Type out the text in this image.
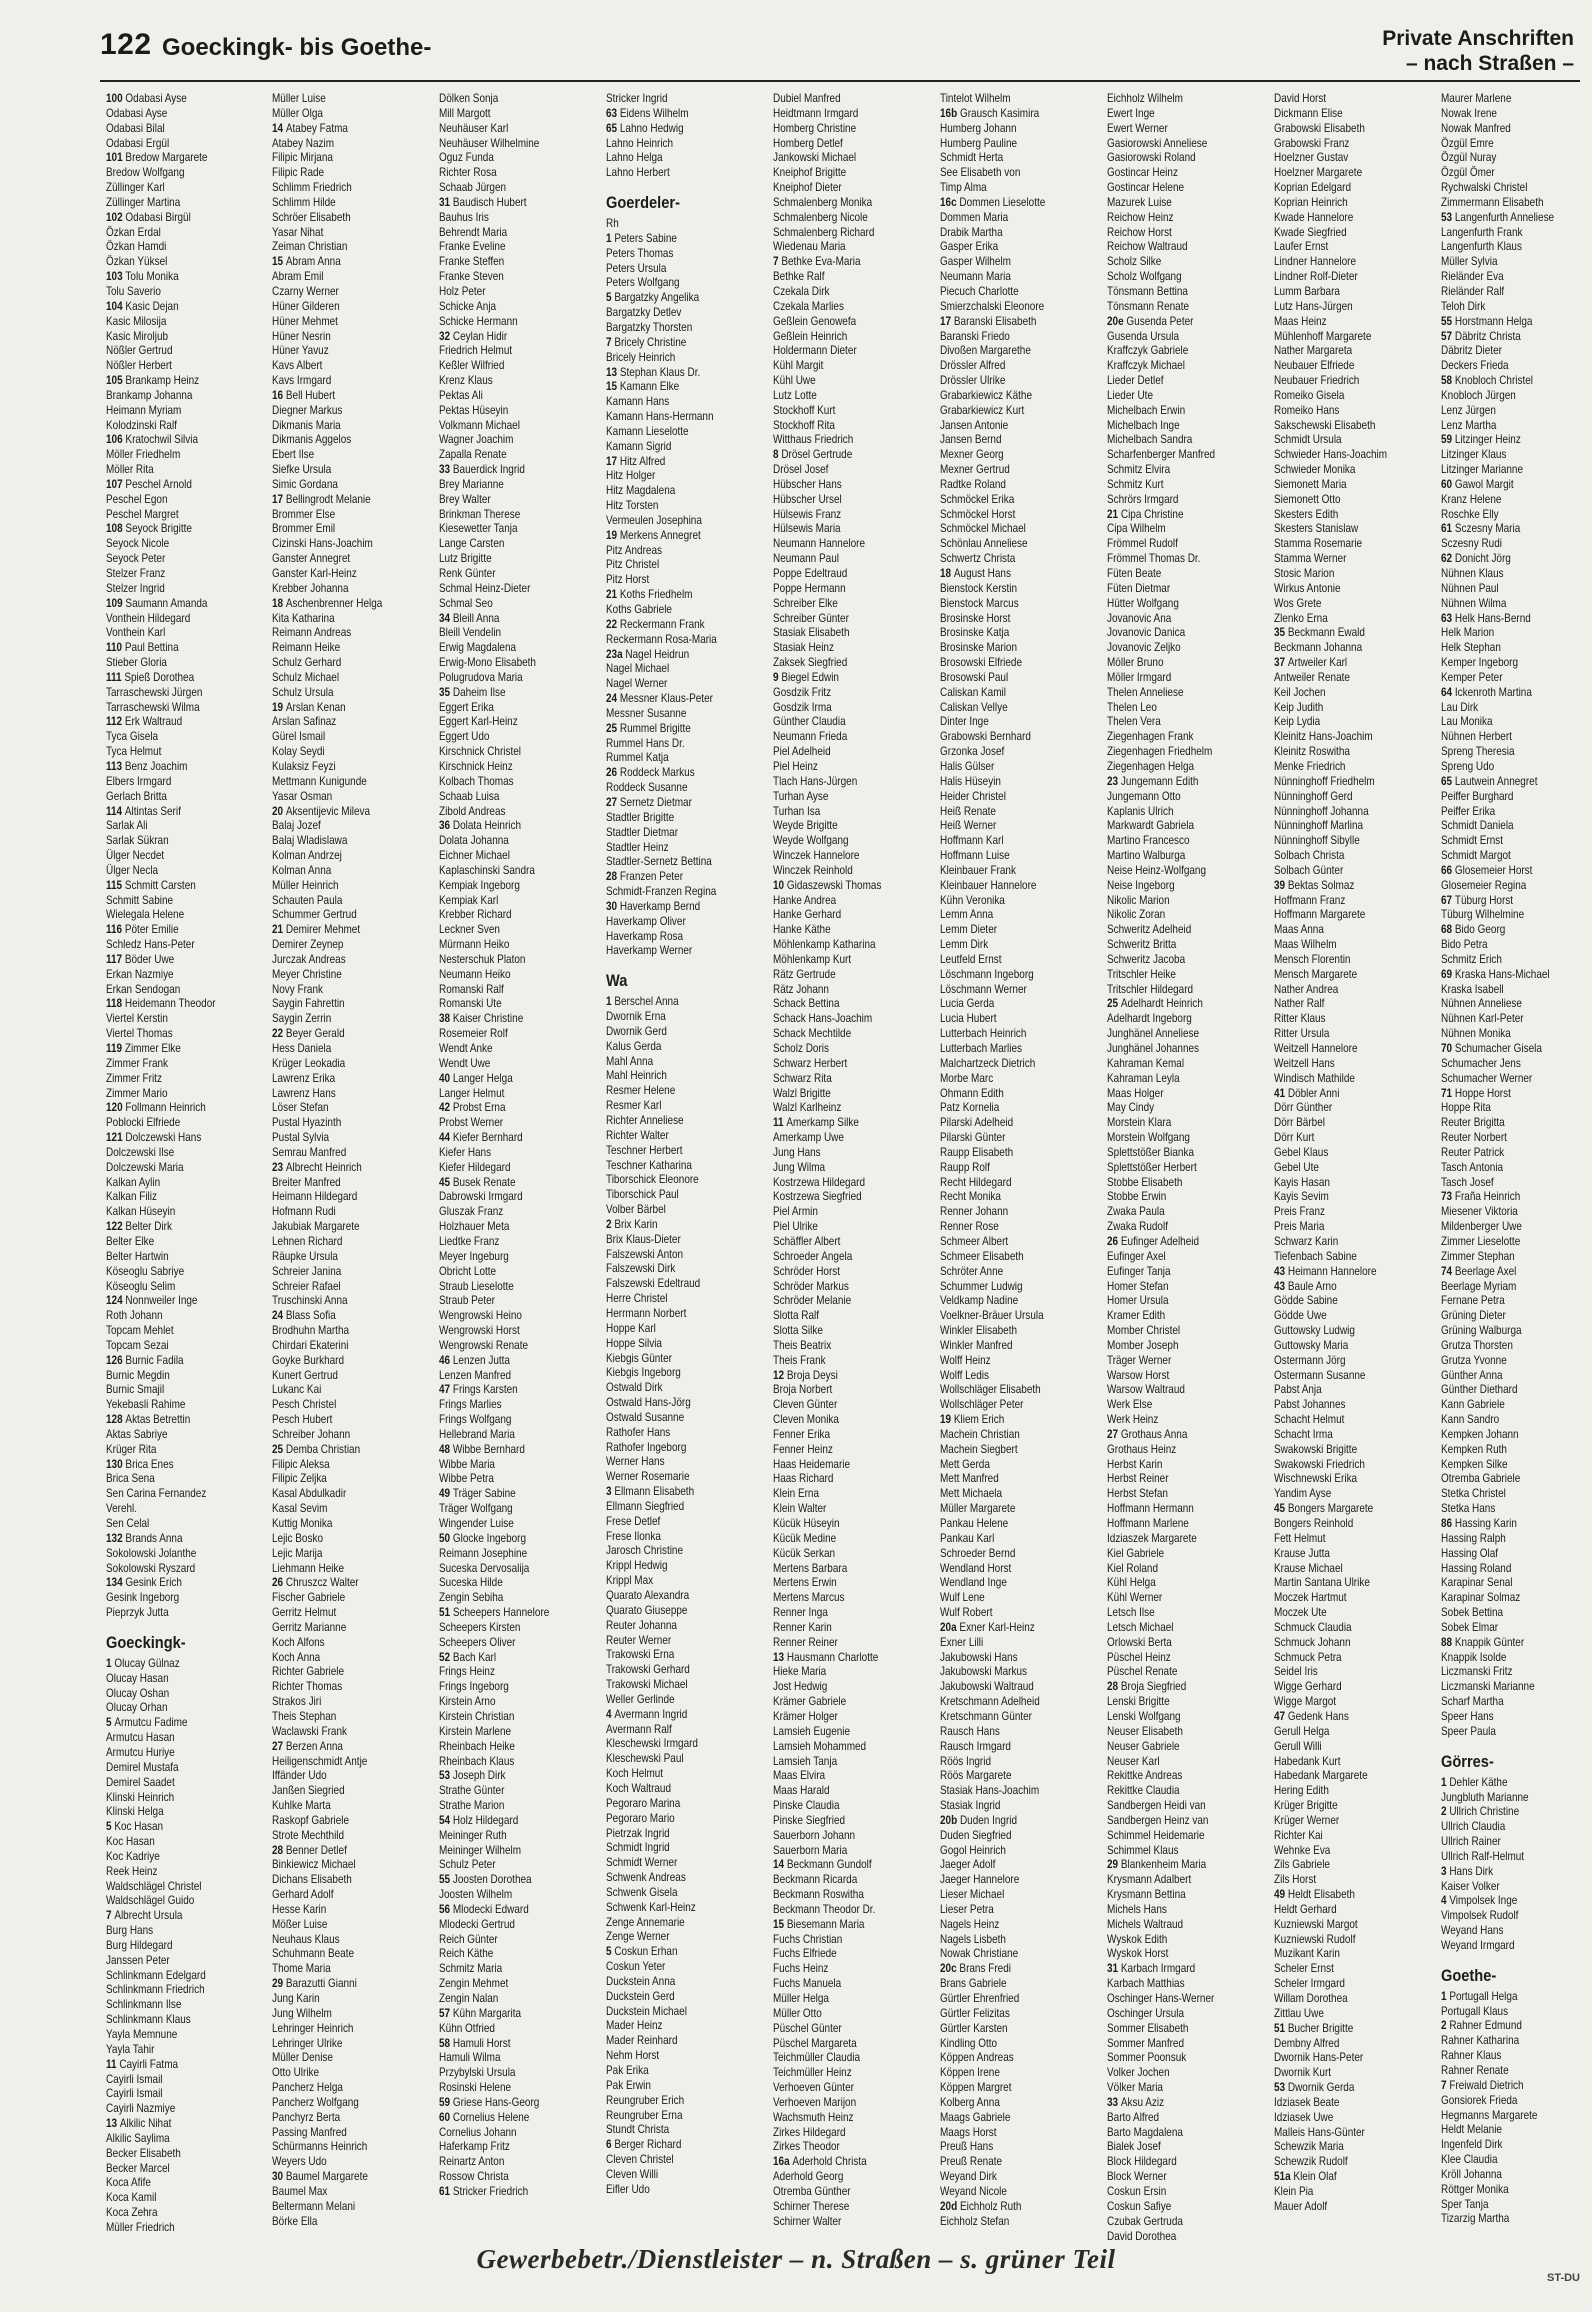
122 Goeckingk- bis Goethe-	Private Anschriften
– nach Straßen –
100 Odabasi Ayse
Odabasi Ayse
Odabasi Bilal
Odabasi Ergül
101 Bredow Margarete
Bredow Wolfgang
Züllinger Karl
Züllinger Martina
102 Odabasi Birgül
Özkan Erdal
Özkan Hamdi
Özkan Yüksel
103 Tolu Monika
Tolu Saverio
104 Kasic Dejan
Kasic Milosija
Kasic Miroljub
Nößler Gertrud
Nößler Herbert
105 Brankamp Heinz
Brankamp Johanna
Heimann Myriam
Kolodzinski Ralf
106 Kratochwil Silvia
Möller Friedhelm
Möller Rita
107 Peschel Arnold
Peschel Egon
Peschel Margret
108 Seyock Brigitte
Seyock Nicole
Seyock Peter
Stelzer Franz
Stelzer Ingrid
109 Saumann Amanda
Vonthein Hildegard
Vonthein Karl
110 Paul Bettina
Stieber Gloria
111 Spieß Dorothea
Tarraschewski Jürgen
Tarraschewski Wilma
112 Erk Waltraud
Tyca Gisela
Tyca Helmut
113 Benz Joachim
Elbers Irmgard
Gerlach Britta
114 Altintas Serif
Sarlak Ali
Sarlak Sükran
Ülger Necdet
Ülger Necla
115 Schmitt Carsten
Schmitt Sabine
Wielegala Helene
116 Pöter Emilie
Schledz Hans-Peter
117 Böder Uwe
Erkan Nazmiye
Erkan Sendogan
118 Heidemann Theodor
Viertel Kerstin
Viertel Thomas
119 Zimmer Elke
Zimmer Frank
Zimmer Fritz
Zimmer Mario
120 Follmann Heinrich
Poblocki Elfriede
121 Dolczewski Hans
Dolczewski Ilse
Dolczewski Maria
Kalkan Aylin
Kalkan Filiz
Kalkan Hüseyin
122 Belter Dirk
Belter Elke
Belter Hartwin
Köseoglu Sabriye
Köseoglu Selim
124 Nonnweiler Inge
Roth Johann
Topcam Mehlet
Topcam Sezai
126 Burnic Fadila
Burnic Megdin
Burnic Smajil
Yekebasli Rahime
128 Aktas Betrettin
Aktas Sabriye
Krüger Rita
130 Brica Enes
Brica Sena
Sen Carina Fernandez
Verehl.
Sen Celal
132 Brands Anna
Sokolowski Jolanthe
Sokolowski Ryszard
134 Gesink Erich
Gesink Ingeborg
Pieprzyk Jutta
Goeckingk-
1 Olucay Gülnaz
Olucay Hasan
Olucay Oshan
Olucay Orhan
5 Armutcu Fadime
Armutcu Hasan
Armutcu Huriye
Demirel Mustafa
Demirel Saadet
Klinski Heinrich
Klinski Helga
5 Koc Hasan
Koc Hasan
Koc Kadriye
Reek Heinz
Waldschlägel Christel
Waldschlägel Guido
7 Albrecht Ursula
Burg Hans
Burg Hildegard
Janssen Peter
Schlinkmann Edelgard
Schlinkmann Friedrich
Schlinkmann Ilse
Schlinkmann Klaus
Yayla Memnune
Yayla Tahir
11 Cayirli Fatma
Cayirli Ismail
Cayirli Ismail
Cayirli Nazmiye
13 Alkilic Nihat
Alkilic Saylima
Becker Elisabeth
Becker Marcel
Koca Afife
Koca Kamil
Koca Zehra
Müller Friedrich
Müller Luise
Müller Olga
14 Atabey Fatma
Atabey Nazim
Filipic Mirjana
Filipic Rade
Schlimm Friedrich
Schlimm Hilde
Schröer Elisabeth
Yasar Nihat
Zeiman Christian
15 Abram Anna
Abram Emil
Czarny Werner
Hüner Gilderen
Hüner Mehmet
Hüner Nesrin
Hüner Yavuz
Kavs Albert
Kavs Irmgard
16 Bell Hubert
Diegner Markus
Dikmanis Maria
Dikmanis Aggelos
Ebert Ilse
Siefke Ursula
Simic Gordana
17 Bellingrodt Melanie
Brommer Else
Brommer Emil
Cizinski Hans-Joachim
Ganster Annegret
Ganster Karl-Heinz
Krebber Johanna
18 Aschenbrenner Helga
Kita Katharina
Reimann Andreas
Reimann Heike
Schulz Gerhard
Schulz Michael
Schulz Ursula
19 Arslan Kenan
Arslan Safinaz
Gürel Ismail
Kolay Seydi
Kulaksiz Feyzi
Mettmann Kunigunde
Yasar Osman
20 Aksentijevic Mileva
Balaj Jozef
Balaj Wladislawa
Kolman Andrzej
Kolman Anna
Müller Heinrich
Schauten Paula
Schummer Gertrud
21 Demirer Mehmet
Demirer Zeynep
Jurczak Andreas
Meyer Christine
Novy Frank
Saygin Fahrettin
Saygin Zerrin
22 Beyer Gerald
Hess Daniela
Krüger Leokadia
Lawrenz Erika
Lawrenz Hans
Löser Stefan
Pustal Hyazinth
Pustal Sylvia
Semrau Manfred
23 Albrecht Heinrich
Breiter Manfred
Heimann Hildegard
Hofmann Rudi
Jakubiak Margarete
Lehnen Richard
Räupke Ursula
Schreier Janina
Schreier Rafael
Truschinski Anna
24 Blass Sofia
Brodhuhn Martha
Chirdari Ekaterini
Goyke Burkhard
Kunert Gertrud
Lukanc Kai
Pesch Christel
Pesch Hubert
Schreiber Johann
25 Demba Christian
Filipic Aleksa
Filipic Zeljka
Kasal Abdulkadir
Kasal Sevim
Kuttig Monika
Lejic Bosko
Lejic Marija
Liehmann Heike
26 Chruszcz Walter
Fischer Gabriele
Gerritz Helmut
Gerritz Marianne
Koch Alfons
Koch Anna
Richter Gabriele
Richter Thomas
Strakos Jiri
Theis Stephan
Waclawski Frank
27 Berzen Anna
Heiligenschmidt Antje
Iffänder Udo
Janßen Siegried
Kuhlke Marta
Raskopf Gabriele
Strote Mechthild
28 Benner Detlef
Binkiewicz Michael
Dichans Elisabeth
Gerhard Adolf
Hesse Karin
Mößer Luise
Neuhaus Klaus
Schuhmann Beate
Thome Maria
29 Barazutti Gianni
Jung Karin
Jung Wilhelm
Lehringer Heinrich
Lehringer Ulrike
Müller Denise
Otto Ulrike
Pancherz Helga
Pancherz Wolfgang
Panchyrz Berta
Passing Manfred
Schürmanns Heinrich
Weyers Udo
30 Baumel Margarete
Baumel Max
Beltermann Melani
Börke Ella
Dölken Sonja
Mill Margott
Neuhäuser Karl
Neuhäuser Wilhelmine
Oguz Funda
Richter Rosa
Schaab Jürgen
31 Baudisch Hubert
Bauhus Iris
Behrendt Maria
Franke Eveline
Franke Steffen
Franke Steven
Holz Peter
Schicke Anja
Schicke Hermann
32 Ceylan Hidir
Friedrich Helmut
Keßler Wilfried
Krenz Klaus
Pektas Ali
Pektas Hüseyin
Volkmann Michael
Wagner Joachim
Zapalla Renate
33 Bauerdick Ingrid
Brey Marianne
Brey Walter
Brinkman Therese
Kiesewetter Tanja
Lange Carsten
Lutz Brigitte
Renk Günter
Schmal Heinz-Dieter
Schmal Seo
34 Bleill Anna
Bleill Vendelin
Erwig Magdalena
Erwig-Mono Elisabeth
Polugrudova Maria
35 Daheim Ilse
Eggert Erika
Eggert Karl-Heinz
Eggert Udo
Kirschnick Christel
Kirschnick Heinz
Kolbach Thomas
Schaab Luisa
Zibold Andreas
36 Dolata Heinrich
Dolata Johanna
Eichner Michael
Kaplaschinski Sandra
Kempiak Ingeborg
Kempiak Karl
Krebber Richard
Leckner Sven
Mürmann Heiko
Nesterschuk Platon
Neumann Heiko
Romanski Ralf
Romanski Ute
38 Kaiser Christine
Rosemeier Rolf
Wendt Anke
Wendt Uwe
40 Langer Helga
Langer Helmut
42 Probst Erna
Probst Werner
44 Kiefer Bernhard
Kiefer Hans
Kiefer Hildegard
45 Busek Renate
Dabrowski Irmgard
Gluszak Franz
Holzhauer Meta
Liedtke Franz
Meyer Ingeburg
Obricht Lotte
Straub Lieselotte
Straub Peter
Wengrowski Heino
Wengrowski Horst
Wengrowski Renate
46 Lenzen Jutta
Lenzen Manfred
47 Frings Karsten
Frings Marlies
Frings Wolfgang
Hellebrand Maria
48 Wibbe Bernhard
Wibbe Maria
Wibbe Petra
49 Träger Sabine
Träger Wolfgang
Wingender Luise
50 Glocke Ingeborg
Reimann Josephine
Suceska Dervosalija
Suceska Hilde
Zengin Sebiha
51 Scheepers Hannelore
Scheepers Kirsten
Scheepers Oliver
52 Bach Karl
Frings Heinz
Frings Ingeborg
Kirstein Arno
Kirstein Christian
Kirstein Marlene
Rheinbach Heike
Rheinbach Klaus
53 Joseph Dirk
Strathe Günter
Strathe Marion
54 Holz Hildegard
Meininger Ruth
Meininger Wilhelm
Schulz Peter
55 Joosten Dorothea
Joosten Wilhelm
56 Mlodecki Edward
Mlodecki Gertrud
Reich Günter
Reich Käthe
Schmitz Maria
Zengin Mehmet
Zengin Nalan
57 Kühn Margarita
Kühn Otfried
58 Hamuli Horst
Hamuli Wilma
Przybylski Ursula
Rosinski Helene
59 Griese Hans-Georg
60 Cornelius Helene
Cornelius Johann
Haferkamp Fritz
Reinartz Anton
Rossow Christa
61 Stricker Friedrich
Stricker Ingrid
63 Eidens Wilhelm
65 Lahno Hedwig
Lahno Heinrich
Lahno Helga
Lahno Herbert
Goerdeler-
Rh
1 Peters Sabine
Peters Thomas
Peters Ursula
Peters Wolfgang
5 Bargatzky Angelika
Bargatzky Detlev
Bargatzky Thorsten
7 Bricely Christine
Bricely Heinrich
13 Stephan Klaus Dr.
15 Kamann Elke
Kamann Hans
Kamann Hans-Hermann
Kamann Lieselotte
Kamann Sigrid
17 Hitz Alfred
Hitz Holger
Hitz Magdalena
Hitz Torsten
Vermeulen Josephina
19 Merkens Annegret
Pitz Andreas
Pitz Christel
Pitz Horst
21 Koths Friedhelm
Koths Gabriele
22 Reckermann Frank
Reckermann Rosa-Maria
23a Nagel Heidrun
Nagel Michael
Nagel Werner
24 Messner Klaus-Peter
Messner Susanne
25 Rummel Brigitte
Rummel Hans Dr.
Rummel Katja
26 Roddeck Markus
Roddeck Susanne
27 Sernetz Dietmar
Stadtler Brigitte
Stadtler Dietmar
Stadtler Heinz
Stadtler-Sernetz Bettina
28 Franzen Peter
Schmidt-Franzen Regina
30 Haverkamp Bernd
Haverkamp Oliver
Haverkamp Rosa
Haverkamp Werner
Wa
1 Berschel Anna
Dwornik Erna
Dwornik Gerd
Kalus Gerda
Mahl Anna
Mahl Heinrich
Resmer Helene
Resmer Karl
Richter Anneliese
Richter Walter
Teschner Herbert
Teschner Katharina
Tiborschick Eleonore
Tiborschick Paul
Volber Bärbel
2 Brix Karin
Brix Klaus-Dieter
Falszewski Anton
Falszewski Dirk
Falszewski Edeltraud
Herre Christel
Herrmann Norbert
Hoppe Karl
Hoppe Silvia
Kiebgis Günter
Kiebgis Ingeborg
Ostwald Dirk
Ostwald Hans-Jörg
Ostwald Susanne
Rathofer Hans
Rathofer Ingeborg
Werner Hans
Werner Rosemarie
3 Ellmann Elisabeth
Ellmann Siegfried
Frese Detlef
Frese Ilonka
Jarosch Christine
Krippl Hedwig
Krippl Max
Quarato Alexandra
Quarato Giuseppe
Reuter Johanna
Reuter Werner
Trakowski Erna
Trakowski Gerhard
Trakowski Michael
Weller Gerlinde
4 Avermann Ingrid
Avermann Ralf
Kleschewski Irmgard
Kleschewski Paul
Koch Helmut
Koch Waltraud
Pegoraro Marina
Pegoraro Mario
Pietrzak Ingrid
Schmidt Ingrid
Schmidt Werner
Schwenk Andreas
Schwenk Gisela
Schwenk Karl-Heinz
Zenge Annemarie
Zenge Werner
5 Coskun Erhan
Coskun Yeter
Duckstein Anna
Duckstein Gerd
Duckstein Michael
Mader Heinz
Mader Reinhard
Nehm Horst
Pak Erika
Pak Erwin
Reungruber Erich
Reungruber Erna
Stundt Christa
6 Berger Richard
Cleven Christel
Cleven Willi
Eifler Udo
Dubiel Manfred
Heidtmann Irmgard
Homberg Christine
Homberg Detlef
Jankowski Michael
Kneiphof Brigitte
Kneiphof Dieter
Schmalenberg Monika
Schmalenberg Nicole
Schmalenberg Richard
Wiedenau Maria
7 Bethke Eva-Maria
Bethke Ralf
Czekala Dirk
Czekala Marlies
Geßlein Genowefa
Geßlein Heinrich
Holdermann Dieter
Kühl Margit
Kühl Uwe
Lutz Lotte
Stockhoff Kurt
Stockhoff Rita
Witthaus Friedrich
8 Drösel Gertrude
Drösel Josef
Hübscher Hans
Hübscher Ursel
Hülsewis Franz
Hülsewis Maria
Neumann Hannelore
Neumann Paul
Poppe Edeltraud
Poppe Hermann
Schreiber Elke
Schreiber Günter
Stasiak Elisabeth
Stasiak Heinz
Zaksek Siegfried
9 Biegel Edwin
Gosdzik Fritz
Gosdzik Irma
Günther Claudia
Neumann Frieda
Piel Adelheid
Piel Heinz
Tlach Hans-Jürgen
Turhan Ayse
Turhan Isa
Weyde Brigitte
Weyde Wolfgang
Winczek Hannelore
Winczek Reinhold
10 Gidaszewski Thomas
Hanke Andrea
Hanke Gerhard
Hanke Käthe
Möhlenkamp Katharina
Möhlenkamp Kurt
Rätz Gertrude
Rätz Johann
Schack Bettina
Schack Hans-Joachim
Schack Mechtilde
Scholz Doris
Schwarz Herbert
Schwarz Rita
Walzl Brigitte
Walzl Karlheinz
11 Amerkamp Silke
Amerkamp Uwe
Jung Hans
Jung Wilma
Kostrzewa Hildegard
Kostrzewa Siegfried
Piel Armin
Piel Ulrike
Schäffler Albert
Schroeder Angela
Schröder Horst
Schröder Markus
Schröder Melanie
Slotta Ralf
Slotta Silke
Theis Beatrix
Theis Frank
12 Broja Deysi
Broja Norbert
Cleven Günter
Cleven Monika
Fenner Erika
Fenner Heinz
Haas Heidemarie
Haas Richard
Klein Erna
Klein Walter
Kücük Hüseyin
Kücük Medine
Kücük Serkan
Mertens Barbara
Mertens Erwin
Mertens Marcus
Renner Inga
Renner Karin
Renner Reiner
13 Hausmann Charlotte
Hieke Maria
Jost Hedwig
Krämer Gabriele
Krämer Holger
Lamsieh Eugenie
Lamsieh Mohammed
Lamsieh Tanja
Maas Elvira
Maas Harald
Pinske Claudia
Pinske Siegfried
Sauerborn Johann
Sauerborn Maria
14 Beckmann Gundolf
Beckmann Ricarda
Beckmann Roswitha
Beckmann Theodor Dr.
15 Biesemann Maria
Fuchs Christian
Fuchs Elfriede
Fuchs Heinz
Fuchs Manuela
Müller Helga
Müller Otto
Püschel Günter
Püschel Margareta
Teichmüller Claudia
Teichmüller Heinz
Verhoeven Günter
Verhoeven Marijon
Wachsmuth Heinz
Zirkes Hildegard
Zirkes Theodor
16a Aderhold Christa
Aderhold Georg
Otremba Günther
Schirner Therese
Schirner Walter
Tintelot Wilhelm
16b Grausch Kasimira
Humberg Johann
Humberg Pauline
Schmidt Herta
See Elisabeth von
Timp Alma
16c Dommen Lieselotte
Dommen Maria
Drabik Martha
Gasper Erika
Gasper Wilhelm
Neumann Maria
Piecuch Charlotte
Smierzchalski Eleonore
17 Baranski Elisabeth
Baranski Friedo
Divoßen Margarethe
Drössler Alfred
Drössler Ulrike
Grabarkiewicz Käthe
Grabarkiewicz Kurt
Jansen Antonie
Jansen Bernd
Mexner Georg
Mexner Gertrud
Radtke Roland
Schmöckel Erika
Schmöckel Horst
Schmöckel Michael
Schönlau Anneliese
Schwertz Christa
18 August Hans
Bienstock Kerstin
Bienstock Marcus
Brosinske Horst
Brosinske Katja
Brosinske Marion
Brosowski Elfriede
Brosowski Paul
Caliskan Kamil
Caliskan Vellye
Dinter Inge
Grabowski Bernhard
Grzonka Josef
Halis Gülser
Halis Hüseyin
Heider Christel
Heiß Renate
Heiß Werner
Hoffmann Karl
Hoffmann Luise
Kleinbauer Frank
Kleinbauer Hannelore
Kühn Veronika
Lemm Anna
Lemm Dieter
Lemm Dirk
Leutfeld Ernst
Löschmann Ingeborg
Löschmann Werner
Lucia Gerda
Lucia Hubert
Lutterbach Heinrich
Lutterbach Marlies
Malchartzeck Dietrich
Morbe Marc
Ohmann Edith
Patz Kornelia
Pilarski Adelheid
Pilarski Günter
Raupp Elisabeth
Raupp Rolf
Recht Hildegard
Recht Monika
Renner Johann
Renner Rose
Schmeer Albert
Schmeer Elisabeth
Schröter Anne
Schummer Ludwig
Veldkamp Nadine
Voelkner-Bräuer Ursula
Winkler Elisabeth
Winkler Manfred
Wolff Heinz
Wolff Ledis
Wollschläger Elisabeth
Wollschläger Peter
19 Kliem Erich
Machein Christian
Machein Siegbert
Mett Gerda
Mett Manfred
Mett Michaela
Müller Margarete
Pankau Helene
Pankau Karl
Schroeder Bernd
Wendland Horst
Wendland Inge
Wulf Lene
Wulf Robert
20a Exner Karl-Heinz
Exner Lilli
Jakubowski Hans
Jakubowski Markus
Jakubowski Waltraud
Kretschmann Adelheid
Kretschmann Günter
Rausch Hans
Rausch Irmgard
Röös Ingrid
Röös Margarete
Stasiak Hans-Joachim
Stasiak Ingrid
20b Duden Ingrid
Duden Siegfried
Gogol Heinrich
Jaeger Adolf
Jaeger Hannelore
Lieser Michael
Lieser Petra
Nagels Heinz
Nagels Lisbeth
Nowak Christiane
20c Brans Fredi
Brans Gabriele
Gürtler Ehrenfried
Gürtler Felizitas
Gürtler Karsten
Kindling Otto
Köppen Andreas
Köppen Irene
Köppen Margret
Kolberg Anna
Maags Gabriele
Maags Horst
Preuß Hans
Preuß Renate
Weyand Dirk
Weyand Nicole
20d Eichholz Ruth
Eichholz Stefan
Eichholz Wilhelm
Ewert Inge
Ewert Werner
Gasiorowski Anneliese
Gasiorowski Roland
Gostincar Heinz
Gostincar Helene
Mazurek Luise
Reichow Heinz
Reichow Horst
Reichow Waltraud
Scholz Silke
Scholz Wolfgang
Tönsmann Bettina
Tönsmann Renate
20e Gusenda Peter
Gusenda Ursula
Kraffczyk Gabriele
Kraffczyk Michael
Lieder Detlef
Lieder Ute
Michelbach Erwin
Michelbach Inge
Michelbach Sandra
Scharfenberger Manfred
Schmitz Elvira
Schmitz Kurt
Schrörs Irmgard
21 Cipa Christine
Cipa Wilhelm
Frömmel Rudolf
Frömmel Thomas Dr.
Füten Beate
Füten Dietmar
Hütter Wolfgang
Jovanovic Ana
Jovanovic Danica
Jovanovic Zeljko
Möller Bruno
Möller Irmgard
Thelen Anneliese
Thelen Leo
Thelen Vera
Ziegenhagen Frank
Ziegenhagen Friedhelm
Ziegenhagen Helga
23 Jungemann Edith
Jungemann Otto
Kaplanis Ulrich
Markwardt Gabriela
Martino Francesco
Martino Walburga
Neise Heinz-Wolfgang
Neise Ingeborg
Nikolic Marion
Nikolic Zoran
Schweritz Adelheid
Schweritz Britta
Schweritz Jacoba
Tritschler Heike
Tritschler Hildegard
25 Adelhardt Heinrich
Adelhardt Ingeborg
Junghänel Anneliese
Junghänel Johannes
Kahraman Kemal
Kahraman Leyla
Maas Holger
May Cindy
Morstein Klara
Morstein Wolfgang
Splettstößer Bianka
Splettstößer Herbert
Stobbe Elisabeth
Stobbe Erwin
Zwaka Paula
Zwaka Rudolf
26 Eufinger Adelheid
Eufinger Axel
Eufinger Tanja
Homer Stefan
Homer Ursula
Kramer Edith
Momber Christel
Momber Joseph
Träger Werner
Warsow Horst
Warsow Waltraud
Werk Else
Werk Heinz
27 Grothaus Anna
Grothaus Heinz
Herbst Karin
Herbst Reiner
Herbst Stefan
Hoffmann Hermann
Hoffmann Marlene
Idziaszek Margarete
Kiel Gabriele
Kiel Roland
Kühl Helga
Kühl Werner
Letsch Ilse
Letsch Michael
Orlowski Berta
Püschel Heinz
Püschel Renate
28 Broja Siegfried
Lenski Brigitte
Lenski Wolfgang
Neuser Elisabeth
Neuser Gabriele
Neuser Karl
Rekittke Andreas
Rekittke Claudia
Sandbergen Heidi van
Sandbergen Heinz van
Schimmel Heidemarie
Schimmel Klaus
29 Blankenheim Maria
Krysmann Adalbert
Krysmann Bettina
Michels Hans
Michels Waltraud
Wyskok Edith
Wyskok Horst
31 Karbach Irmgard
Karbach Matthias
Oschinger Hans-Werner
Oschinger Ursula
Sommer Elisabeth
Sommer Manfred
Sommer Poonsuk
Volker Jochen
Völker Maria
33 Aksu Aziz
Barto Alfred
Barto Magdalena
Bialek Josef
Block Hildegard
Block Werner
Coskun Ersin
Coskun Safiye
Czubak Gertruda
David Dorothea
David Horst
Dickmann Elise
Grabowski Elisabeth
Grabowski Franz
Hoelzner Gustav
Hoelzner Margarete
Koprian Edelgard
Koprian Heinrich
Kwade Hannelore
Kwade Siegfried
Laufer Ernst
Lindner Hannelore
Lindner Rolf-Dieter
Lumm Barbara
Lutz Hans-Jürgen
Maas Heinz
Mühlenhoff Margarete
Nather Margareta
Neubauer Elfriede
Neubauer Friedrich
Romeiko Gisela
Romeiko Hans
Sakschewski Elisabeth
Schmidt Ursula
Schwieder Hans-Joachim
Schwieder Monika
Siemonett Maria
Siemonett Otto
Skesters Edith
Skesters Stanislaw
Stamma Rosemarie
Stamma Werner
Stosic Marion
Wirkus Antonie
Wos Grete
Zlenko Erna
35 Beckmann Ewald
Beckmann Johanna
37 Artweiler Karl
Antweiler Renate
Keil Jochen
Keip Judith
Keip Lydia
Kleinitz Hans-Joachim
Kleinitz Roswitha
Menke Friedrich
Nünninghoff Friedhelm
Nünninghoff Gerd
Nünninghoff Johanna
Nünninghoff Marlina
Nünninghoff Sibylle
Solbach Christa
Solbach Günter
39 Bektas Solmaz
Hoffmann Franz
Hoffmann Margarete
Maas Anna
Maas Wilhelm
Mensch Florentin
Mensch Margarete
Nather Andrea
Nather Ralf
Ritter Klaus
Ritter Ursula
Weitzell Hannelore
Weitzell Hans
Windisch Mathilde
41 Döbler Anni
Dörr Günther
Dörr Bärbel
Dörr Kurt
Gebel Klaus
Gebel Ute
Kayis Hasan
Kayis Sevim
Preis Franz
Preis Maria
Schwarz Karin
Tiefenbach Sabine
43 Heimann Hannelore
43 Baule Arno
Gödde Sabine
Gödde Uwe
Guttowsky Ludwig
Guttowsky Maria
Ostermann Jörg
Ostermann Susanne
Pabst Anja
Pabst Johannes
Schacht Helmut
Schacht Irma
Swakowski Brigitte
Swakowski Friedrich
Wischnewski Erika
Yandim Ayse
45 Bongers Margarete
Bongers Reinhold
Fett Helmut
Krause Jutta
Krause Michael
Martin Santana Ulrike
Moczek Hartmut
Moczek Ute
Schmuck Claudia
Schmuck Johann
Schmuck Petra
Seidel Iris
Wigge Gerhard
Wigge Margot
47 Gedenk Hans
Gerull Helga
Gerull Willi
Habedank Kurt
Habedank Margarete
Hering Edith
Krüger Brigitte
Krüger Werner
Richter Kai
Wehnke Eva
Zils Gabriele
Zils Horst
49 Heldt Elisabeth
Heldt Gerhard
Kuzniewski Margot
Kuzniewski Rudolf
Muzikant Karin
Scheler Ernst
Scheler Irmgard
Willam Dorothea
Zittlau Uwe
51 Bucher Brigitte
Dembny Alfred
Dwornik Hans-Peter
Dwornik Kurt
53 Dwornik Gerda
Idziasek Beate
Idziasek Uwe
Malleis Hans-Günter
Schewzik Maria
Schewzik Rudolf
51a Klein Olaf
Klein Pia
Mauer Adolf
Maurer Marlene
Nowak Irene
Nowak Manfred
Özgül Emre
Özgül Nuray
Özgül Ömer
Rychwalski Christel
Zimmermann Elisabeth
53 Langenfurth Anneliese
Langenfurth Frank
Langenfurth Klaus
Müller Sylvia
Rieländer Eva
Rieländer Ralf
Teloh Dirk
55 Horstmann Helga
57 Däbritz Christa
Däbritz Dieter
Deckers Frieda
58 Knobloch Christel
Knobloch Jürgen
Lenz Jürgen
Lenz Martha
59 Litzinger Heinz
Litzinger Klaus
Litzinger Marianne
60 Gawol Margit
Kranz Helene
Roschke Elly
61 Sczesny Maria
Sczesny Rudi
62 Donicht Jörg
Nühnen Klaus
Nühnen Paul
Nühnen Wilma
63 Helk Hans-Bernd
Helk Marion
Helk Stephan
Kemper Ingeborg
Kemper Peter
64 Ickenroth Martina
Lau Dirk
Lau Monika
Nühnen Herbert
Spreng Theresia
Spreng Udo
65 Lautwein Annegret
Peiffer Burghard
Peiffer Erika
Schmidt Daniela
Schmidt Ernst
Schmidt Margot
66 Glosemeier Horst
Glosemeier Regina
67 Tüburg Horst
Tüburg Wilhelmine
68 Bido Georg
Bido Petra
Schmitz Erich
69 Kraska Hans-Michael
Kraska Isabell
Nühnen Anneliese
Nühnen Karl-Peter
Nühnen Monika
70 Schumacher Gisela
Schumacher Jens
Schumacher Werner
71 Hoppe Horst
Hoppe Rita
Reuter Brigitta
Reuter Norbert
Reuter Patrick
Tasch Antonia
Tasch Josef
73 Fraña Heinrich
Miesener Viktoria
Mildenberger Uwe
Zimmer Lieselotte
Zimmer Stephan
74 Beerlage Axel
Beerlage Myriam
Fernane Petra
Grüning Dieter
Grüning Walburga
Grutza Thorsten
Grutza Yvonne
Günther Anna
Günther Diethard
Kann Gabriele
Kann Sandro
Kempken Johann
Kempken Ruth
Kempken Silke
Otremba Gabriele
Stetka Christel
Stetka Hans
86 Hassing Karin
Hassing Ralph
Hassing Olaf
Hassing Roland
Karapinar Senal
Karapinar Solmaz
Sobek Bettina
Sobek Elmar
88 Knappik Günter
Knappik Isolde
Liczmanski Fritz
Liczmanski Marianne
Scharf Martha
Speer Hans
Speer Paula
Görres-
1 Dehler Käthe
Jungbluth Marianne
2 Ullrich Christine
Ullrich Claudia
Ullrich Rainer
Ullrich Ralf-Helmut
3 Hans Dirk
Kaiser Volker
4 Vimpolsek Inge
Vimpolsek Rudolf
Weyand Hans
Weyand Irmgard
Goethe-
1 Portugall Helga
Portugall Klaus
2 Rahner Edmund
Rahner Katharina
Rahner Klaus
Rahner Renate
7 Freiwald Dietrich
Gonsiorek Frieda
Hegmanns Margarete
Heldt Melanie
Ingenfeld Dirk
Klee Claudia
Kröll Johanna
Röttger Monika
Sper Tanja
Tizarzig Martha
Gewerbebetr./Dienstleister – n. Straßen – s. grüner Teil
ST-DU
